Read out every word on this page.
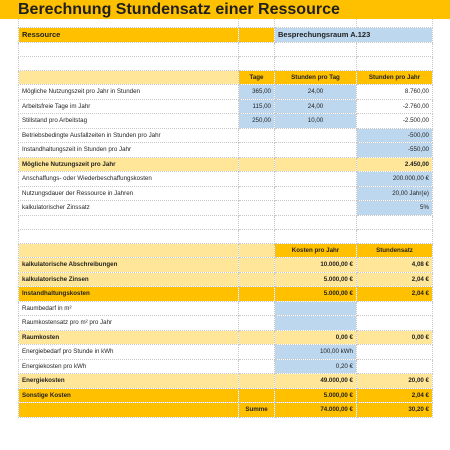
Berechnung Stundensatz einer Ressource

Ressource		Besprechungsraum A.123	

	Tage	Stunden pro Tag	Stunden pro Jahr
Mögliche Nutzungszeit pro Jahr in Stunden	365,00	24,00	8.760,00
Arbeitsfreie Tage im Jahr	115,00	24,00	-2.760,00
Stillstand pro Arbeitstag	250,00	10,00	-2.500,00
Betriebsbedingte Ausfallzeiten in Stunden pro Jahr			-500,00
Instandhaltungszeit in Stunden pro Jahr			-550,00
Mögliche Nutzungszeit pro Jahr			2.450,00
Anschaffungs- oder Wiederbeschaffungskosten			200.000,00 €
Nutzungsdauer der Ressource in Jahren			20,00 Jahr(e)
kalkulatorischer Zinssatz			5%

		Kosten pro Jahr	Stundensatz
kalkulatorische Abschreibungen		10.000,00 €	4,08 €
kalkulatorische Zinsen		5.000,00 €	2,04 €
Instandhaltungskosten		5.000,00 €	2,04 €
Raumbedarf in m²			
Raumkostensatz pro m² pro Jahr			
Raumkosten		0,00 €	0,00 €
Energiebedarf pro Stunde in kWh		100,00 kWh	
Energiekosten pro kWh		0,20 €	
Energiekosten		49.000,00 €	20,00 €
Sonstige Kosten		5.000,00 €	2,04 €
	Summe	74.000,00 €	30,20 €
